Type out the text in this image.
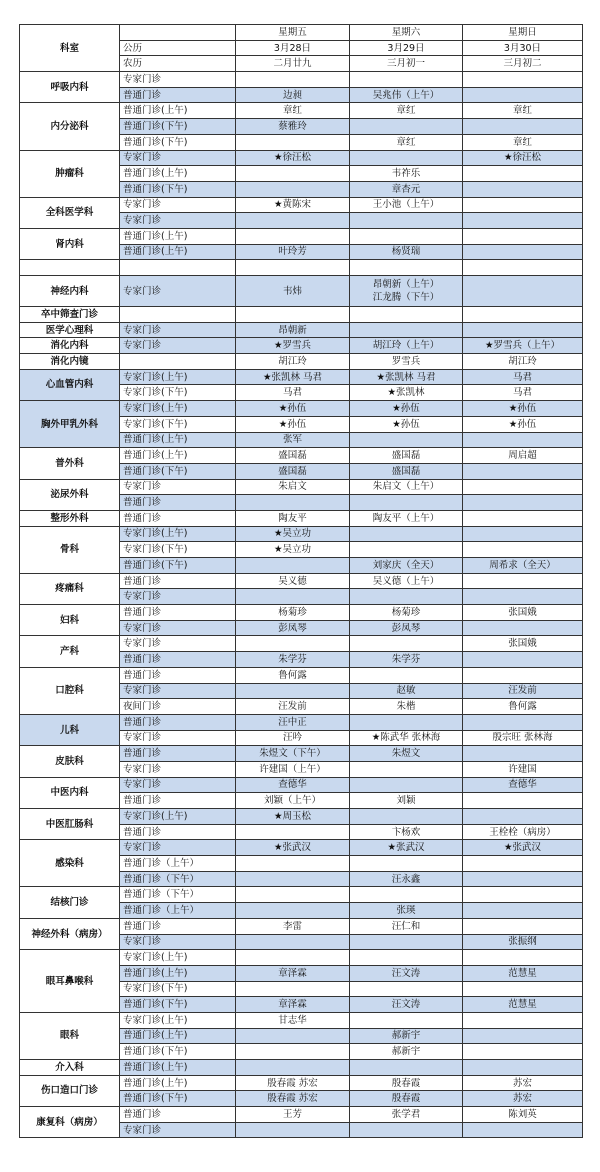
科室		星期五	星期六	星期日
	公历	3月28日	3月29日	3月30日
	农历	二月廿九	三月初一	三月初二
呼吸内科	专家门诊			
	普通门诊	边昶	吴兆伟（上午）	
内分泌科	普通门诊(上午)	章红	章红	章红
	普通门诊(下午)	蔡雅玲		
	普通门诊(下午)		章红	章红
肿瘤科	专家门诊	★徐汪松		★徐汪松
	普通门诊(上午)		韦祚乐	
	普通门诊(下午)		章杏元	
全科医学科	专家门诊	★黄陈宋	王小池（上午）	
	专家门诊			
肾内科	普通门诊(上午)			
	普通门诊(上午)	叶玲芳	杨贤瑞	

神经内科	专家门诊	韦炜	昂朝新（上午）
江龙腾（下午）	
卒中筛查门诊				
医学心理科	专家门诊	昂朝新		
消化内科	专家门诊	★罗雪兵	胡江玲（上午）	★罗雪兵（上午）
消化内镜		胡江玲	罗雪兵	胡江玲
心血管内科	专家门诊(上午)	★张凯林 马君	★张凯林 马君	马君
	专家门诊(下午)	马君	★张凯林	马君
胸外甲乳外科	专家门诊(上午)	★孙伍	★孙伍	★孙伍
	专家门诊(下午)	★孙伍	★孙伍	★孙伍
	普通门诊(上午)	张军		
普外科	普通门诊(上午)	盛国磊	盛国磊	周启超
	普通门诊(下午)	盛国磊	盛国磊	
泌尿外科	专家门诊	朱启文	朱启文（上午）	
	普通门诊			
整形外科	普通门诊	陶友平	陶友平（上午）	
骨科	专家门诊(上午)	★吴立功		
	专家门诊(下午)	★吴立功		
	普通门诊(下午)		刘家庆（全天）	周希求（全天）
疼痛科	普通门诊	吴义德	吴义德（上午）	
	专家门诊			
妇科	普通门诊	杨菊珍	杨菊珍	张国娥
	专家门诊	彭凤琴	彭凤琴	
产科	专家门诊			张国娥
	普通门诊	朱学芬	朱学芬	
口腔科	普通门诊	鲁何露		
	专家门诊		赵敏	汪发前
	夜间门诊	汪发前	朱楷	鲁何露
儿科	普通门诊	汪中正		
	专家门诊	汪吟	★陈武华 张林海	殷宗旺 张林海
皮肤科	普通门诊	朱煜文（下午）	朱煜文	
	专家门诊	许建国（上午）		许建国
中医内科	专家门诊	查德华		查德华
	普通门诊	刘颖（上午）	刘颖	
中医肛肠科	专家门诊(上午)	★周玉松		
	普通门诊		卞杨欢	王栓栓（病房）
感染科	专家门诊	★张武汉	★张武汉	★张武汉
	普通门诊（上午）			
	普通门诊（下午）		汪永鑫	
结核门诊	普通门诊（下午）			
	普通门诊（上午）		张瑛	
神经外科（病房）	普通门诊	李雷	汪仁和	
	专家门诊			张振纲
眼耳鼻喉科	专家门诊(上午)			
	普通门诊(上午)	章泽霖	汪文涛	范慧星
	专家门诊(下午)			
	普通门诊(下午)	章泽霖	汪文涛	范慧星
眼科	专家门诊(上午)	甘志华		
	普通门诊(上午)		郝新宇	
	普通门诊(下午)		郝新宇	
介入科	普通门诊(上午)			
伤口造口门诊	普通门诊(上午)	殷春霞 苏宏	殷春霞	苏宏
	普通门诊(下午)	殷春霞 苏宏	殷春霞	苏宏
康复科（病房）	普通门诊	王芳	张学君	陈刘英
	专家门诊			
